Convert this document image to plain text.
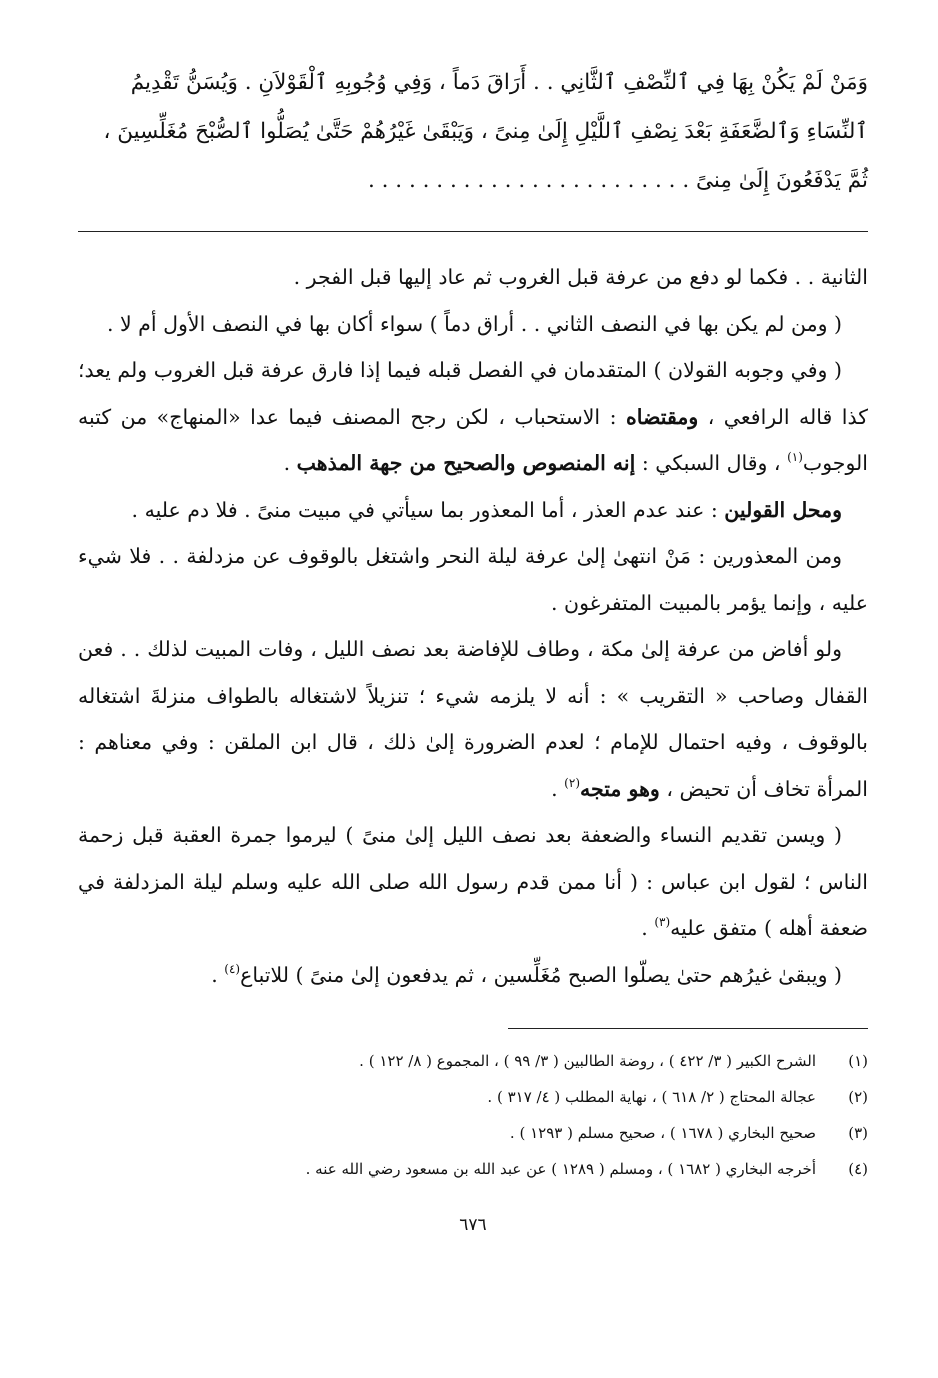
وَمَنْ لَمْ يَكُنْ بِهَا فِي ٱلنِّصْفِ ٱلثَّانِي . . أَرَاقَ دَماً ، وَفِي وُجُوبِهِ ٱلْقَوْلاَنِ . وَيُسَنُّ تَقْدِيمُ
ٱلنِّسَاءِ وَٱلضَّعَفَةِ بَعْدَ نِصْفِ ٱللَّيْلِ إِلَىٰ مِنىً ، وَيَبْقَىٰ غَيْرُهُمْ حَتَّىٰ يُصَلُّوا ٱلصُّبْحَ مُغَلِّسِينَ ،
ثُمَّ يَدْفَعُونَ إِلَىٰ مِنىً . . . . . . . . . . . . . . . . . . . . . . . .

الثانية . . فكما لو دفع من عرفة قبل الغروب ثم عاد إليها قبل الفجر .

( ومن لم يكن بها في النصف الثاني . . أراق دماً ) سواء أكان بها في النصف الأول أم لا .

( وفي وجوبه القولان ) المتقدمان في الفصل قبله فيما إذا فارق عرفة قبل الغروب ولم يعد؛ كذا قاله الرافعي ، ومقتضاه : الاستحباب ، لكن رجح المصنف فيما عدا «المنهاج» من كتبه الوجوب$^{(١)}$ ، وقال السبكي : إنه المنصوص والصحيح من جهة المذهب .

ومحل القولين : عند عدم العذر ، أما المعذور بما سيأتي في مبيت منىً . فلا دم عليه .

ومن المعذورين : مَنْ انتهىٰ إلىٰ عرفة ليلة النحر واشتغل بالوقوف عن مزدلفة . . فلا شيء عليه ، وإنما يؤمر بالمبيت المتفرغون .

ولو أفاض من عرفة إلىٰ مكة ، وطاف للإفاضة بعد نصف الليل ، وفات المبيت لذلك . . فعن القفال وصاحب « التقريب » : أنه لا يلزمه شيء ؛ تنزيلاً لاشتغاله بالطواف منزلةَ اشتغاله بالوقوف ، وفيه احتمال للإمام ؛ لعدم الضرورة إلىٰ ذلك ، قال ابن الملقن : وفي معناهم : المرأة تخاف أن تحيض ، وهو متجه$^{(٢)}$ .

( ويسن تقديم النساء والضعفة بعد نصف الليل إلىٰ منىً ) ليرموا جمرة العقبة قبل زحمة الناس ؛ لقول ابن عباس : ( أنا ممن قدم رسول الله صلى الله عليه وسلم ليلة المزدلفة في ضعفة أهله ) متفق عليه$^{(٣)}$ .

( ويبقىٰ غيرُهم حتىٰ يصلّوا الصبح مُغَلِّسين ، ثم يدفعون إلىٰ منىً ) للاتباع$^{(٤)}$ .

(١)
الشرح الكبير ( ٣/ ٤٢٢ ) ، روضة الطالبين ( ٣/ ٩٩ ) ، المجموع ( ٨/ ١٢٢ ) .
(٢)
عجالة المحتاج ( ٢/ ٦١٨ ) ، نهاية المطلب ( ٤/ ٣١٧ ) .
(٣)
صحيح البخاري ( ١٦٧٨ ) ، صحيح مسلم ( ١٢٩٣ ) .
(٤)
أخرجه البخاري ( ١٦٨٢ ) ، ومسلم ( ١٢٨٩ ) عن عبد الله بن مسعود رضي الله عنه .
٦٧٦
